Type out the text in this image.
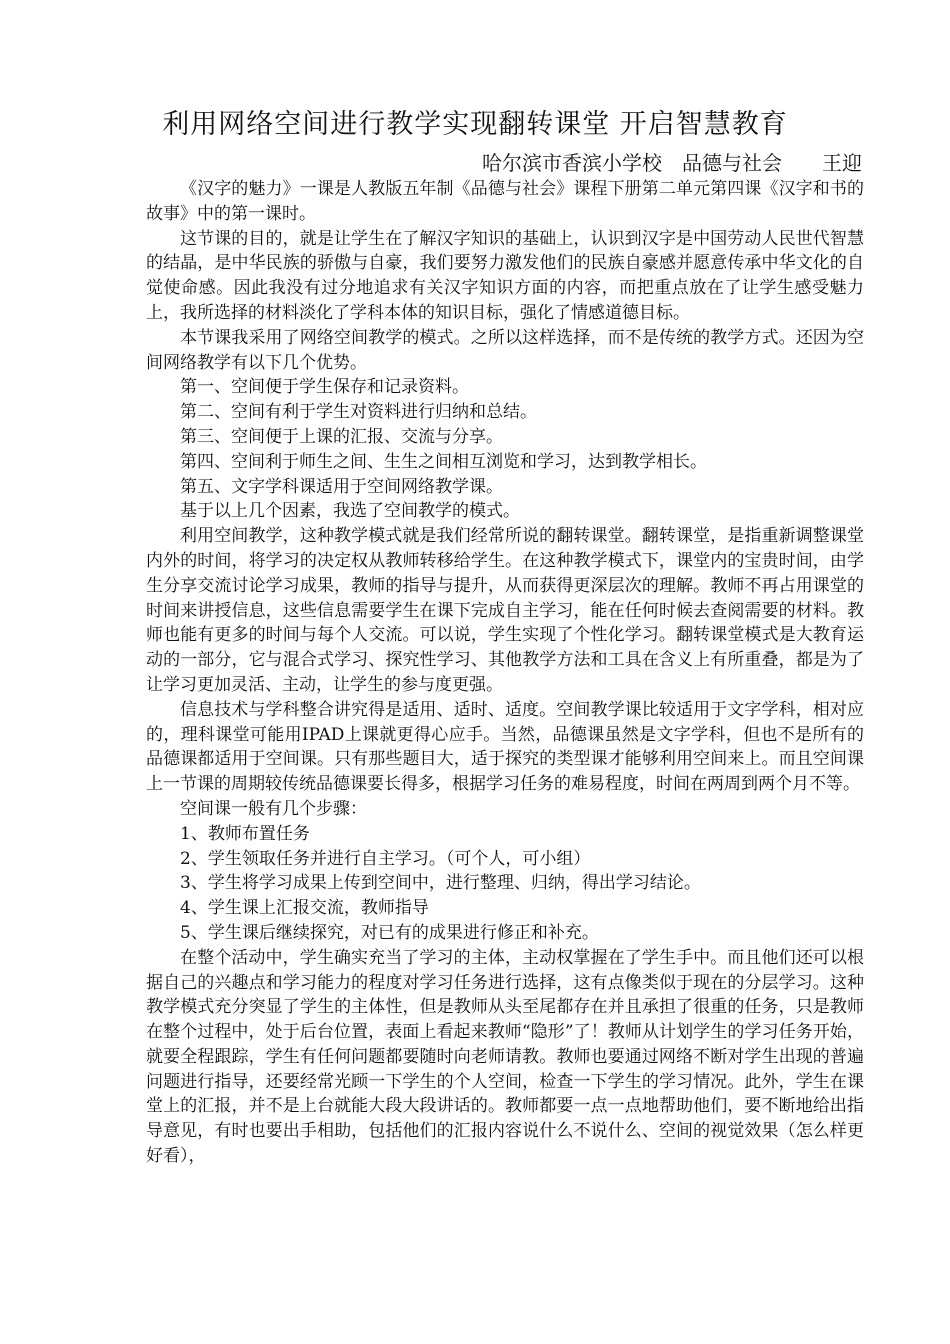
利用网络空间进行教学实现翻转课堂 开启智慧教育
哈尔滨市香滨小学校　品德与社会　　王迎

《汉字的魅力》一课是人教版五年制《品德与社会》课程下册第二单元第四课《汉字和书的故事》中的第一课时。

这节课的目的，就是让学生在了解汉字知识的基础上，认识到汉字是中国劳动人民世代智慧的结晶，是中华民族的骄傲与自豪，我们要努力激发他们的民族自豪感并愿意传承中华文化的自觉使命感。因此我没有过分地追求有关汉字知识方面的内容，而把重点放在了让学生感受魅力上，我所选择的材料淡化了学科本体的知识目标，强化了情感道德目标。

本节课我采用了网络空间教学的模式。之所以这样选择，而不是传统的教学方式。还因为空间网络教学有以下几个优势。

第一、空间便于学生保存和记录资料。

第二、空间有利于学生对资料进行归纳和总结。

第三、空间便于上课的汇报、交流与分享。

第四、空间利于师生之间、生生之间相互浏览和学习，达到教学相长。

第五、文字学科课适用于空间网络教学课。

基于以上几个因素，我选了空间教学的模式。

利用空间教学，这种教学模式就是我们经常所说的翻转课堂。翻转课堂，是指重新调整课堂内外的时间，将学习的决定权从教师转移给学生。在这种教学模式下，课堂内的宝贵时间，由学生分享交流讨论学习成果，教师的指导与提升，从而获得更深层次的理解。教师不再占用课堂的时间来讲授信息，这些信息需要学生在课下完成自主学习，能在任何时候去查阅需要的材料。教师也能有更多的时间与每个人交流。可以说，学生实现了个性化学习。翻转课堂模式是大教育运动的一部分，它与混合式学习、探究性学习、其他教学方法和工具在含义上有所重叠，都是为了让学习更加灵活、主动，让学生的参与度更强。

信息技术与学科整合讲究得是适用、适时、适度。空间教学课比较适用于文字学科，相对应的，理科课堂可能用IPAD上课就更得心应手。当然，品德课虽然是文字学科，但也不是所有的品德课都适用于空间课。只有那些题目大，适于探究的类型课才能够利用空间来上。而且空间课上一节课的周期较传统品德课要长得多，根据学习任务的难易程度，时间在两周到两个月不等。

空间课一般有几个步骤：

1、教师布置任务

2、学生领取任务并进行自主学习。（可个人，可小组）

3、学生将学习成果上传到空间中，进行整理、归纳，得出学习结论。

4、学生课上汇报交流，教师指导

5、学生课后继续探究，对已有的成果进行修正和补充。

在整个活动中，学生确实充当了学习的主体，主动权掌握在了学生手中。而且他们还可以根据自己的兴趣点和学习能力的程度对学习任务进行选择，这有点像类似于现在的分层学习。这种教学模式充分突显了学生的主体性，但是教师从头至尾都存在并且承担了很重的任务，只是教师在整个过程中，处于后台位置，表面上看起来教师“隐形”了！教师从计划学生的学习任务开始，就要全程跟踪，学生有任何问题都要随时向老师请教。教师也要通过网络不断对学生出现的普遍问题进行指导，还要经常光顾一下学生的个人空间，检查一下学生的学习情况。此外，学生在课堂上的汇报，并不是上台就能大段大段讲话的。教师都要一点一点地帮助他们，要不断地给出指导意见，有时也要出手相助，包括他们的汇报内容说什么不说什么、空间的视觉效果（怎么样更好看），
